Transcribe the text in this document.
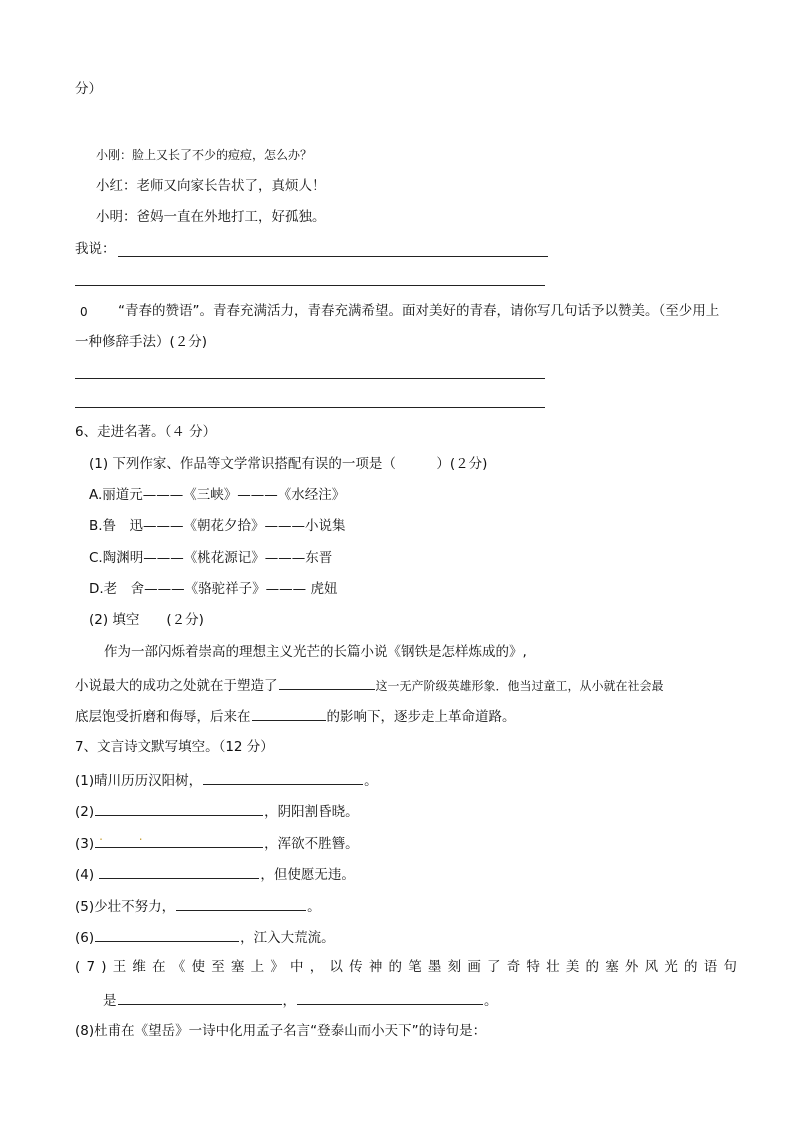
分）
小刚：脸上又长了不少的痘痘，怎么办？
小红：老师又向家长告状了，真烦人！
小明：爸妈一直在外地打工，好孤独。
我说：
0 “青春的赞语”。青春充满活力，青春充满希望。面对美好的青春，请你写几句话予以赞美。（至少用上
一种修辞手法）(２分)
6、走进名著。（４ 分）
(1) 下列作家、作品等文学常识搭配有误的一项是（　　　）(２分)
A.丽道元———《三峡》———《水经注》
B.鲁　迅———《朝花夕拾》———小说集
C.陶渊明———《桃花源记》———东晋
D.老　舍———《骆驼祥子》——— 虎妞
(2) 填空　　(２分)
作为一部闪烁着崇高的理想主义光芒的长篇小说《钢铁是怎样炼成的》,
小说最大的成功之处就在于塑造了	这一无产阶级英雄形象．他当过童工，从小就在社会最
底层饱受折磨和侮辱，后来在	的影响下，逐步走上革命道路。
7、文言诗文默写填空。（12 分）
(1)晴川历历汉阳树，	。
(2)	，阴阳割昏晓。
(3) .　　 .	，浑欲不胜簪。
(4)	，但使愿无违。
(5)少壮不努力，	。
(6)	，江入大荒流。
(7)王维在《使至塞上》中，以传神的笔墨刻画了奇特壮美的塞外风光的语句
是	，	。
(8)杜甫在《望岳》一诗中化用孟子名言“登泰山而小天下”的诗句是：
